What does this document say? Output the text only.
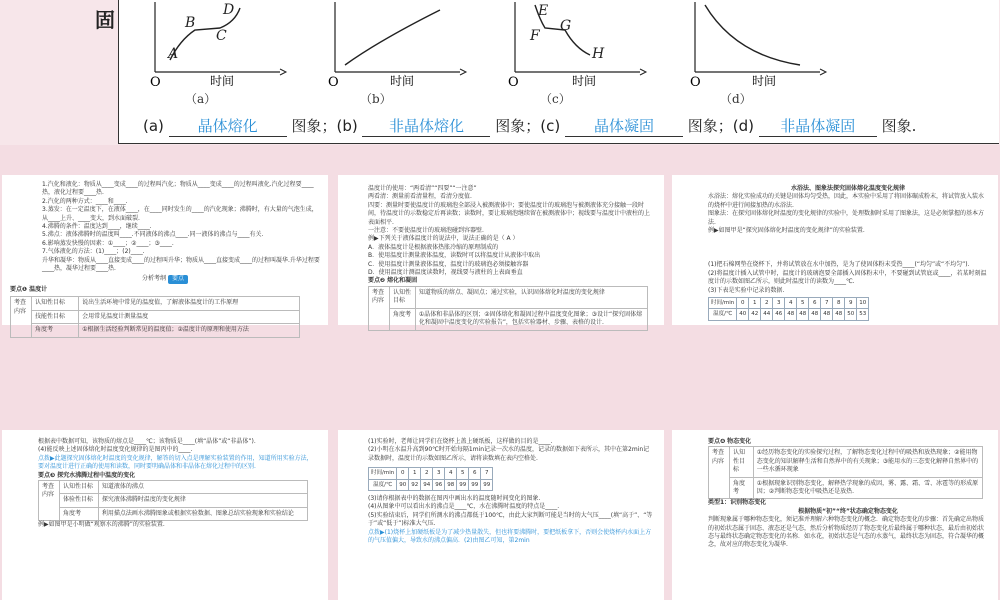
固
A
B
C
D
O	时间
（a）
O	时间
（b）
E
F
G
H
O	时间
（c）
O	时间
（d）
(a) 晶体熔化 图象；(b) 非晶体熔化 图象；(c) 晶体凝固 图象；(d) 非晶体凝固 图象.

1.汽化和液化：物质从____变成____的过程叫汽化；物质从____变成____的过程叫液化.汽化过程要____热，液化过程要____热.

2.汽化的两种方式：____和____.

3.蒸发：在一定温度下，在液体____，在____同时发生的____的汽化现象；沸腾时，有大量的气泡生成，从____上升、____变大，到水面破裂.

4.沸腾的条件：温度达到____，继续____.

5.沸点：液体沸腾时的温度叫____.不同液体的沸点____.同一液体的沸点与____有关.

6.影响蒸发快慢的因素：①____；②____；③____.

7.气体液化的方法：(1)____；(2)____.

升华和凝华：物质从____直接变成____的过程叫升华；物质从____直接变成____的过程叫凝华.升华过程要____热，凝华过程要____热.

分析考纲 要点

要点❶ 温度计

考查内容	认知性目标	说出生活环境中常见的温度值，了解液体温度计的工作原理
	技能性目标	会用常见温度计测量温度
	角度考	①根据生活经验判断常见的温度值；②温度计的原理和使用方法

温度计的使用：“两看清”“四要”“一注意”

两看清：测量前看清量程，看清分度值.

四要：测量时要使温度计的玻璃泡全部浸入被测液体中；要使温度计的玻璃泡与被测液体充分接触一段时间，待温度计的示数稳定后再读数；读数时，要让玻璃泡继续留在被测液体中；视线要与温度计中液柱的上表面相平.

一注意：不要使温度计的玻璃泡碰到容器壁.

例▶下列关于液体温度计的说法中，说法正确的是（ A ）

A．液体温度计是根据液体热胀冷缩的原理制成的

B．使用温度计测量液体温度，读数时可以将温度计从液体中取出

C．使用温度计测量液体温度，温度计的玻璃泡必须接触容器

D．使用温度计测温度读数时，视线要与液柱的上表面垂直

要点❷ 熔化和凝固

考查内容	认知性目标	知道物质的熔点、凝固点；通过实验，认识固体熔化时温度的变化规律
	角度考	①晶体和非晶体的区别；②固体熔化和凝固过程中温度变化图象；③设计“探究固体熔化和凝固中温度变化的实验报告”，包括实验器材、步骤、表格的设计.

水浴法、图象法探究固体熔化温度变化规律

水浴法：熔化实验成功的关键是固体均匀受热，因此，本实验中采用了将固体碾成粉末，将试管放入装水的烧杯中进行间接加热的水浴法.

图象法：在探究固体熔化时温度的变化规律的实验中，处理数据时采用了图象法，这是必须掌握的基本方法.

例▶如图甲是“探究固体熔化时温度的变化规律”的实验装置.

(1)把石棉网垫在烧杯下，并将试管放在水中加热，是为了使固体粉末受热____(“均匀”或“不均匀”).

(2)将温度计插入试管中时，温度计的玻璃泡要全部插入固体粉末中，不要碰到试管底或____，若某时刻温度计的示数如图乙所示，则此时温度计的读数为____℃.

(3)下表是实验中记录的数据.

时间/min	0	1	2	3	4	5	6	7	8	9	10
温度/℃	40	42	44	46	48	48	48	48	48	50	53

根据表中数据可知，该物质的熔点是____℃；该物质是____(填“晶体”或“非晶体”).

(4)能反映上述固体熔化时温度变化规律的是图丙中的____.

点拨▶此题探究固体熔化时温度的变化规律，解答的切入点是理解实验装置的作用，知道所用实验方法，要对温度计进行正确的使用和读数，同时要明确晶体和非晶体在熔化过程中的区别.

要点❸ 探究水沸腾过程中温度的变化

考查内容	认知性目标	知道液体的沸点
	体验性目标	探究液体沸腾时温度的变化规律
	角度考	利用描点法画水沸腾图象或根据实验数据、图象总结实验现象和实验结论

例▶如图甲是小明做“观察水的沸腾”的实验装置.

(1)实验时，老师让同学们在烧杯上盖上硬纸板，这样做的目的是____.

(2)小明在水温升高到90℃时开始每隔1min记录一次水的温度，记录的数据如下表所示，其中在第2min记录数据时，温度计的示数如图乙所示，请将读数填在表内空格处.

时间/min	0	1	2	3	4	5	6	7
温度/℃	90	92	94	96	98	99	99	99

(3)请你根据表中的数据在图丙中画出水的温度随时间变化的图象.

(4)从图象中可以看出水的沸点是____℃，水在沸腾时温度的特点是____.

(5)实验结束后，同学们所测水的沸点都低于100℃，由此大家判断可能是当时的大气压____(填“高于”、“等于”或“低于”)标准大气压.

点拨▶(1)烧杯上加硬纸板是为了减少热量散失，但也将要沸腾时，要把纸板拿下，否则会使烧杯内水面上方的气压值偏大，导致水的沸点偏高．(2)由图乙可知，第2min

要点❹ 物态变化

考查内容	认知性目标	①经历物态变化的实验探究过程，了解物态变化过程中的吸热和放热现象；②能用物态变化的知识解释生活和自然界中的有关现象；③能用水的三态变化解释自然界中的一些水循环现象
	角度考	①根据现象识别物态变化，解释热学现象的成因，雾、露、霜、雪、冰雹等的形成原因；②判断物态变化中吸热还是放热.

类型1：识别物态变化

根据物质“初”“终”状态确定物态变化

判断现象属于哪种物态变化，须记准并理解六种物态变化的概念．确定物态变化的步骤：首先确定出物质的初始状态属于固态、液态还是气态，然后分析物质经历了物态变化后最终属于哪种状态，最后由初始状态与最终状态确定物态变化的名称．如水花，初始状态是气态的水蒸气，最终状态为固态，符合凝华的概念，故对应的物态变化为凝华.
